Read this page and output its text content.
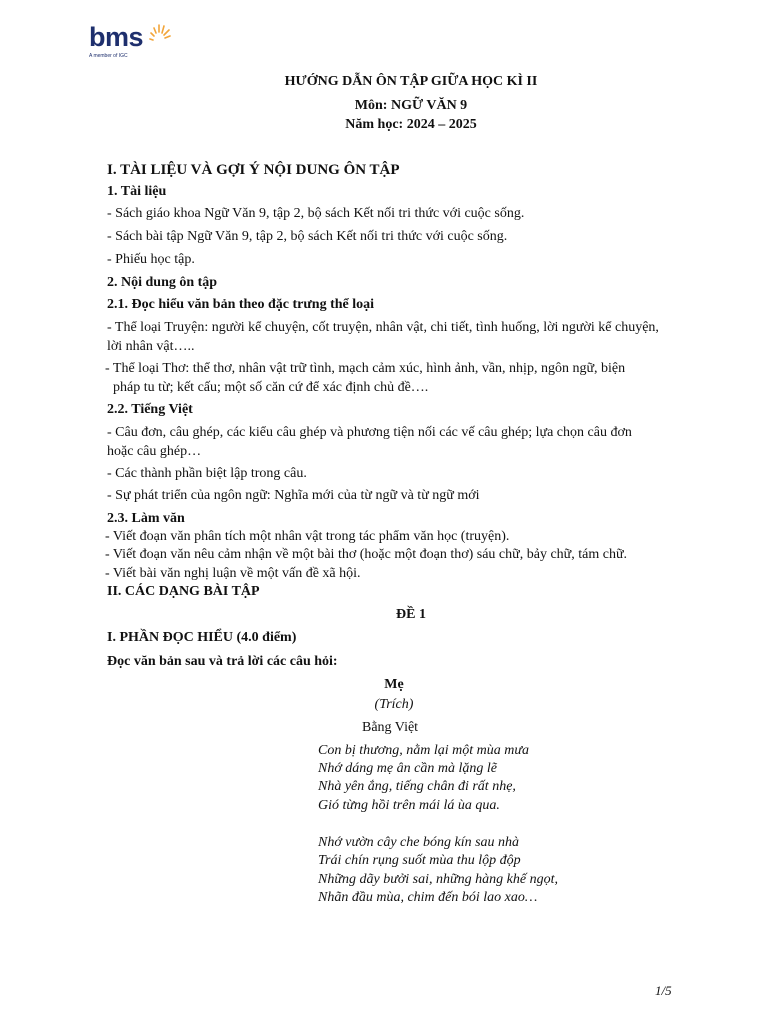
bms
A member of IGC
HƯỚNG DẪN ÔN TẬP GIỮA HỌC KÌ II
Môn: NGỮ VĂN 9
Năm học: 2024 – 2025
I. TÀI LIỆU VÀ GỢI Ý NỘI DUNG ÔN TẬP
1. Tài liệu
- Sách giáo khoa Ngữ Văn 9, tập 2, bộ sách Kết nối tri thức với cuộc sống.
- Sách bài tập Ngữ Văn 9, tập 2, bộ sách Kết nối tri thức với cuộc sống.
- Phiếu học tập.
2. Nội dung ôn tập
2.1. Đọc hiểu văn bản theo đặc trưng thể loại
- Thể loại Truyện: người kể chuyện, cốt truyện, nhân vật, chi tiết, tình huống, lời người kể chuyện,
lời nhân vật…..
- Thể loại Thơ: thể thơ, nhân vật trữ tình, mạch cảm xúc, hình ảnh, vần, nhịp, ngôn ngữ, biện
pháp tu từ; kết cấu; một số căn cứ để xác định chủ đề….
2.2. Tiếng Việt
- Câu đơn, câu ghép, các kiểu câu ghép và phương tiện nối các vế câu ghép; lựa chọn câu đơn
hoặc câu ghép…
- Các thành phần biệt lập trong câu.
- Sự phát triển của ngôn ngữ: Nghĩa mới của từ ngữ và từ ngữ mới
2.3. Làm văn
- Viết đoạn văn phân tích một nhân vật trong tác phẩm văn học (truyện).
- Viết đoạn văn nêu cảm nhận về một bài thơ (hoặc một đoạn thơ) sáu chữ, bảy chữ, tám chữ.
- Viết bài văn nghị luận về một vấn đề xã hội.
II. CÁC DẠNG BÀI TẬP
ĐỀ 1
I. PHẦN ĐỌC HIỂU (4.0 điểm)
Đọc văn bản sau và trả lời các câu hỏi:
Mẹ
(Trích)
Bằng Việt
Con bị thương, nằm lại một mùa mưa
Nhớ dáng mẹ ân cần mà lặng lẽ
Nhà yên ắng, tiếng chân đi rất nhẹ,
Gió từng hồi trên mái lá ùa qua.
Nhớ vườn cây che bóng kín sau nhà
Trái chín rụng suốt mùa thu lộp độp
Những dãy bưởi sai, những hàng khế ngọt,
Nhãn đầu mùa, chim đến bói lao xao…
1/5
